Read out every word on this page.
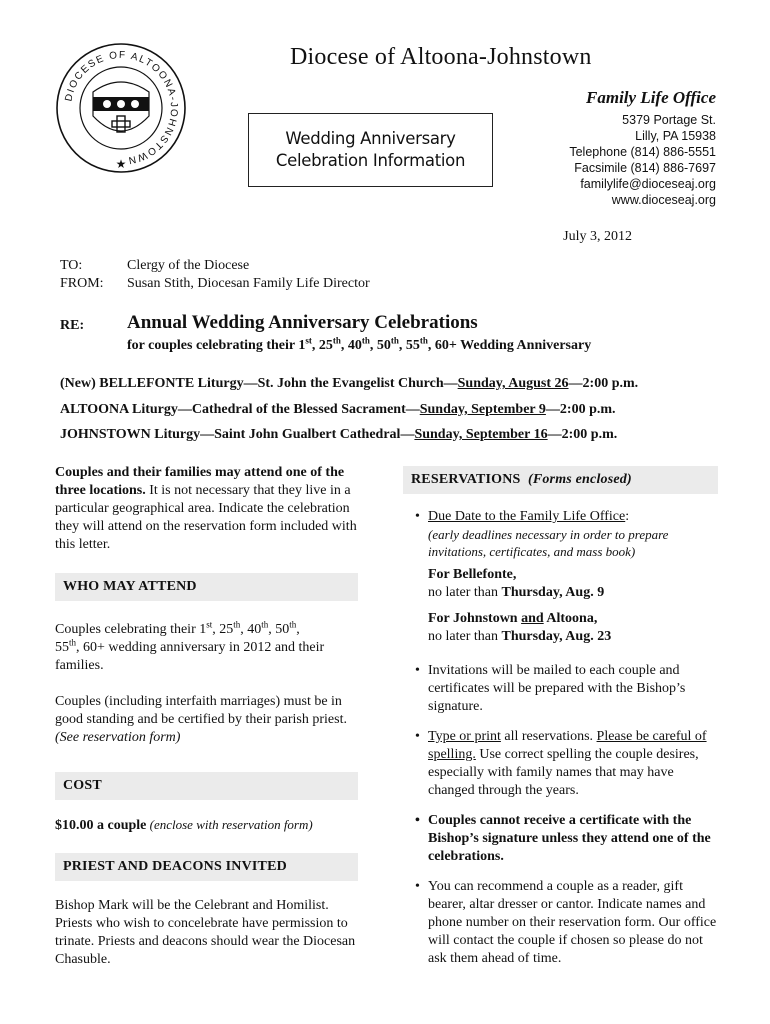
DIOCESE OF ALTOONA-JOHNSTOWN
★
Diocese of Altoona-Johnstown
Wedding Anniversary
Celebration Information
Family Life Office
5379 Portage St.
Lilly, PA 15938
Telephone (814) 886-5551
Facsimile (814) 886-7697
familylife@dioceseaj.org
www.dioceseaj.org
July 3, 2012
TO:	Clergy of the Diocese
FROM: Susan Stith, Diocesan Family Life Director
RE: Annual Wedding Anniversary Celebrations
for couples celebrating their 1st, 25th, 40th, 50th, 55th, 60+ Wedding Anniversary
(New) BELLEFONTE Liturgy—St. John the Evangelist Church—Sunday, August 26—2:00 p.m.
ALTOONA Liturgy—Cathedral of the Blessed Sacrament—Sunday, September 9—2:00 p.m.
JOHNSTOWN Liturgy—Saint John Gualbert Cathedral—Sunday, September 16—2:00 p.m.

Couples and their families may attend one of the three locations. It is not necessary that they live in a particular geographical area. Indicate the celebration they will attend on the reservation form included with this letter.

WHO MAY ATTEND

Couples celebrating their 1st, 25th, 40th, 50th,
55th, 60+ wedding anniversary in 2012 and their families.

Couples (including interfaith marriages) must be in good standing and be certified by their parish priest. (See reservation form)

COST

$10.00 a couple (enclose with reservation form)

PRIEST AND DEACONS INVITED

Bishop Mark will be the Celebrant and Homilist. Priests who wish to concelebrate have permission to trinate. Priests and deacons should wear the Diocesan Chasuble.

RESERVATIONS
(Forms enclosed)
• Due Date to the Family Life Office:
(early deadlines necessary in order to prepare invitations, certificates, and mass book)
For Bellefonte,
no later than Thursday, Aug. 9
For Johnstown and Altoona,
no later than Thursday, Aug. 23
• Invitations will be mailed to each couple and certificates will be prepared with the Bishop’s signature.
• Type or print all reservations. Please be careful of spelling. Use correct spelling the couple desires, especially with family names that may have changed through the years.
• Couples cannot receive a certificate with the Bishop’s signature unless they attend one of the celebrations.
• You can recommend a couple as a reader, gift bearer, altar dresser or cantor. Indicate names and phone number on their reservation form. Our office will contact the couple if chosen so please do not ask them ahead of time.
